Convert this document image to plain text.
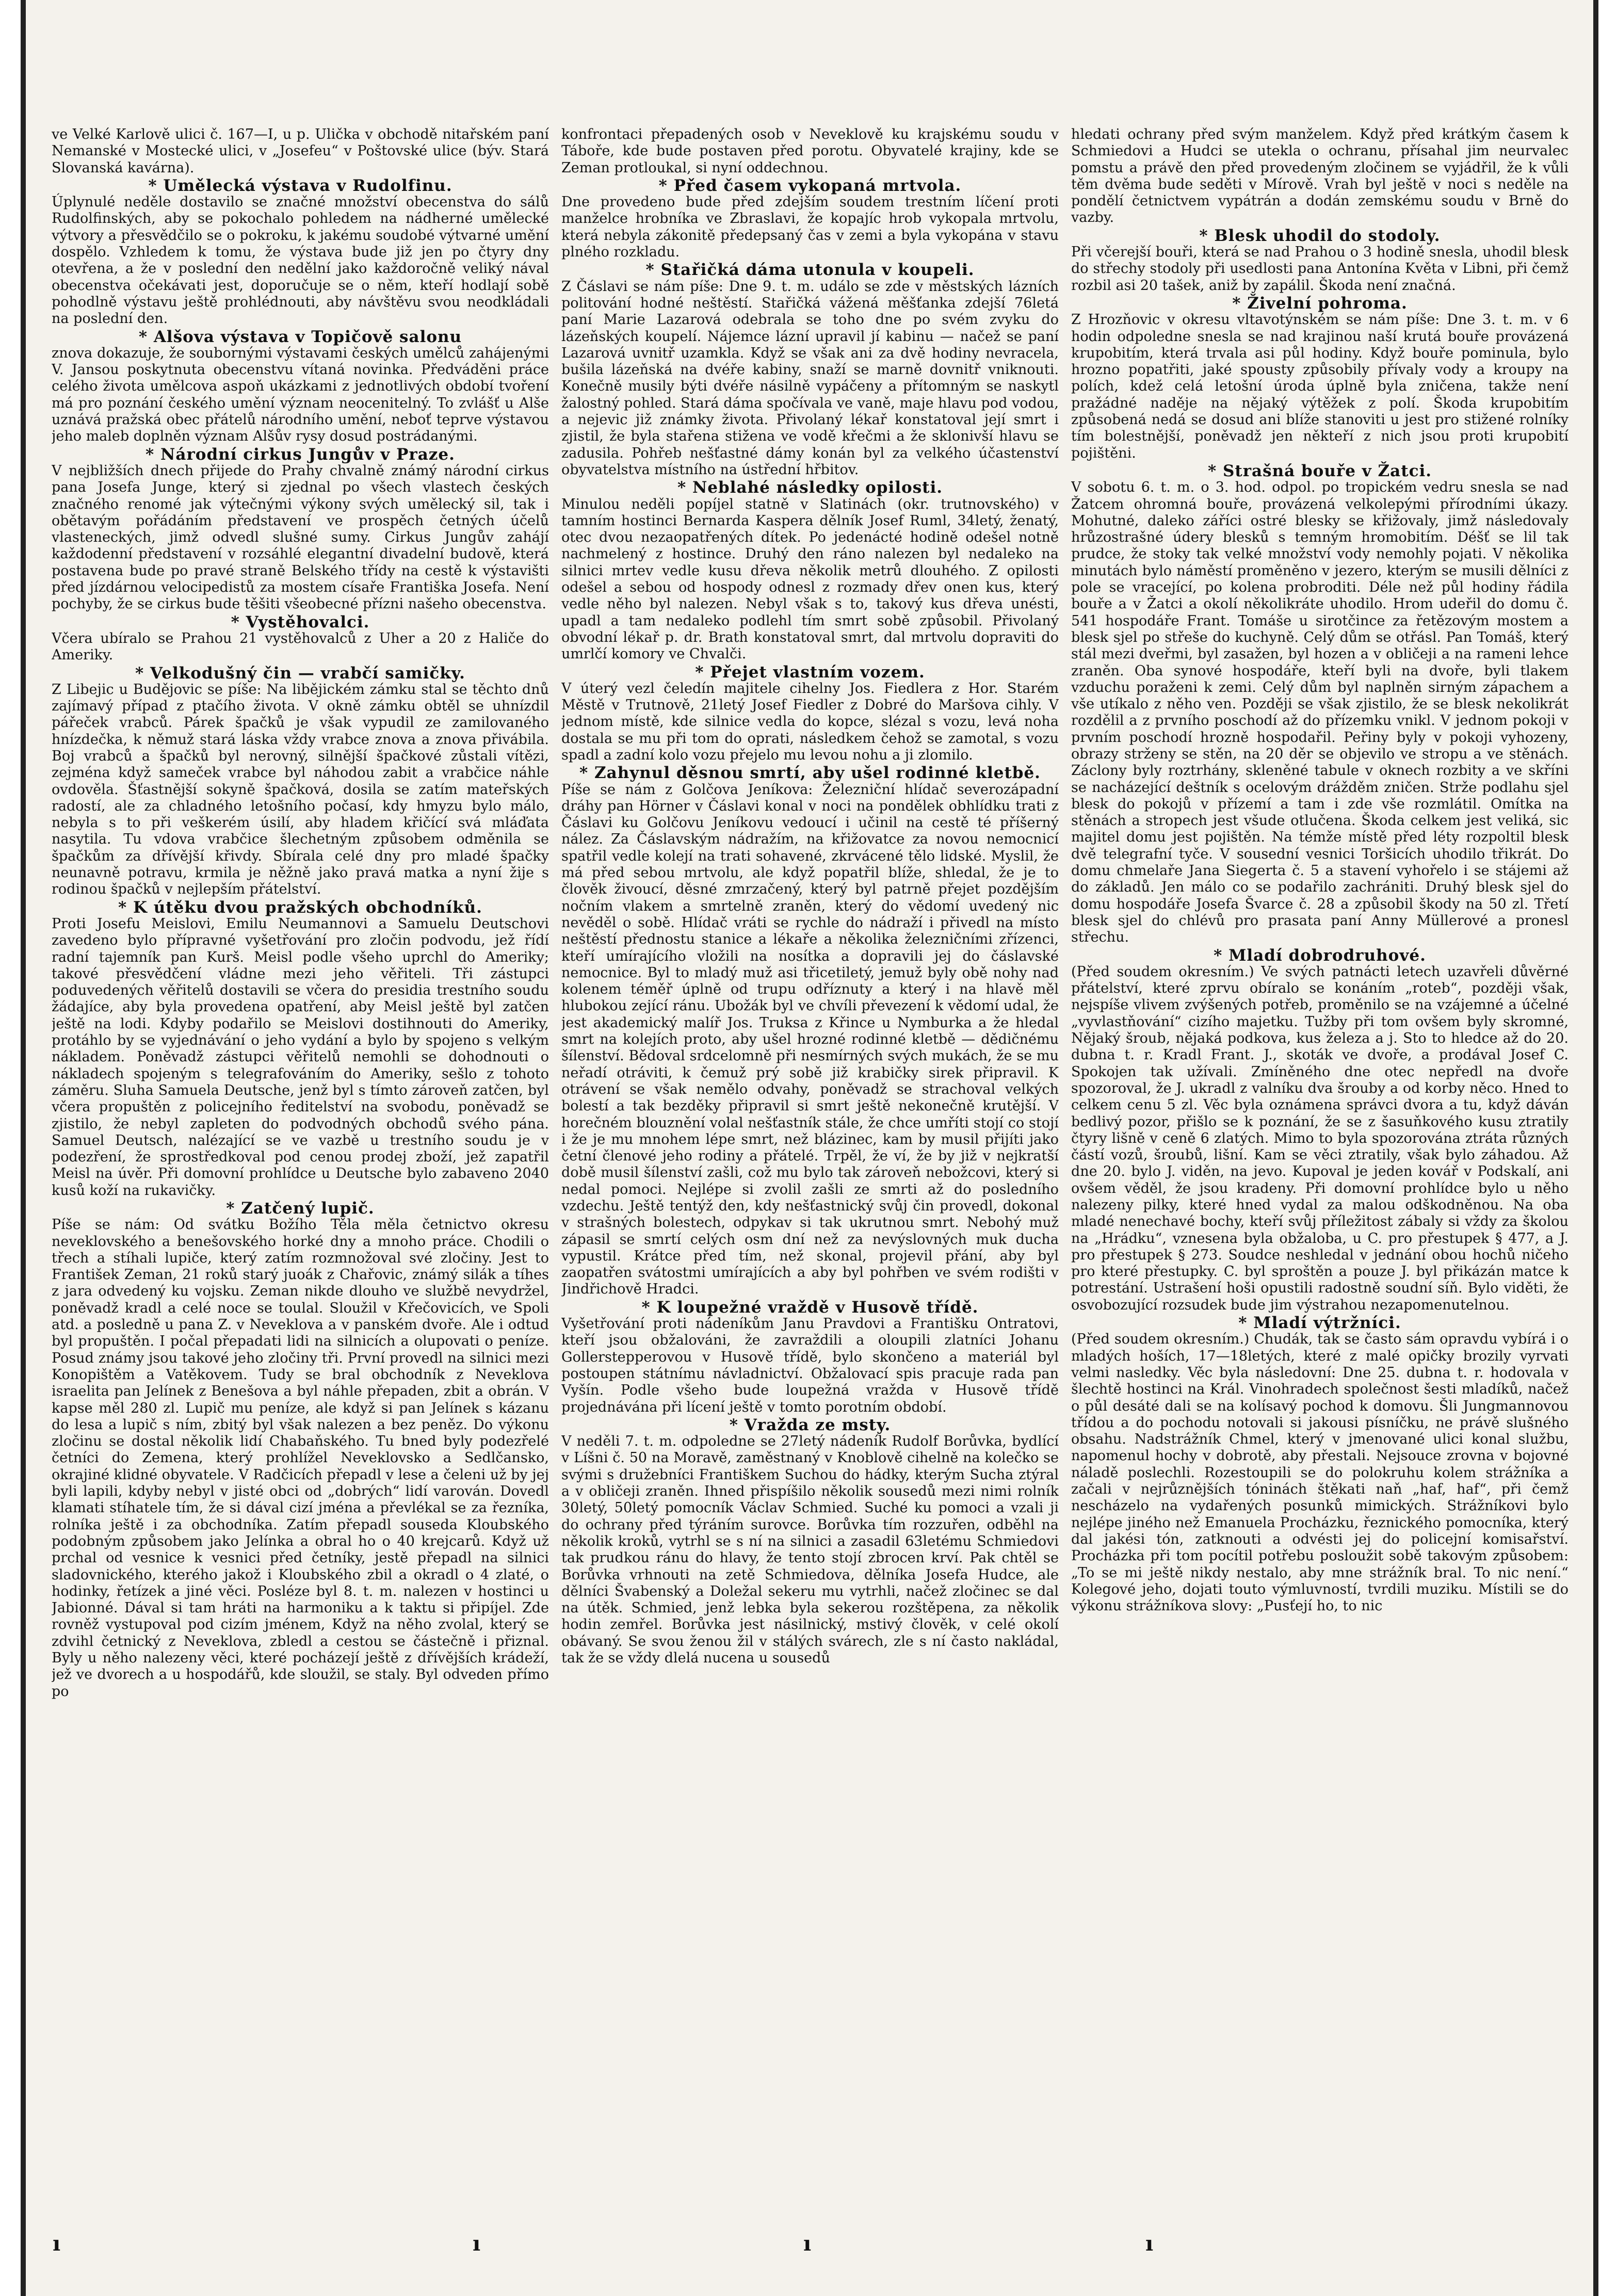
ve Velké Karlově ulici č. 167—I, u p. Ulička v obchodě nitařském paní Nemanské v Mostecké ulici, v „Josefeu“ v Poštovské ulice (býv. Stará Slovanská kavárna).

* Umělecká výstava v Rudolfinu.
Úplynulé neděle dostavilo se značné množství obecenstva do sálů Rudolfinských, aby se pokochalo pohledem na nádherné umělecké výtvory a přesvědčilo se o pokroku, k jakému soudobé výtvarné umění dospělo. Vzhledem k tomu, že výstava bude již jen po čtyry dny otevřena, a že v poslední den nedělní jako každoročně veliký nával obecenstva očekávati jest, doporučuje se o něm, kteří hodlají sobě pohodlně výstavu ještě prohlédnouti, aby návštěvu svou neodkládali na poslední den.

* Alšova výstava v Topičově salonu
znova dokazuje, že soubornými výstavami českých umělců zahájenými V. Jansou poskytnuta obecenstvu vítaná novinka. Předváděni práce celého života umělcova aspoň ukázkami z jednotlivých období tvoření má pro poznání českého umění význam neocenitelný. To zvlášť u Alše uznává pražská obec přátelů národního umění, neboť teprve výstavou jeho maleb doplněn význam Alšův rysy dosud postrádanými.

* Národní cirkus Jungův v Praze.
V nejbližších dnech přijede do Prahy chvalně známý národní cirkus pana Josefa Junge, který si zjednal po všech vlastech českých značného renomé jak výtečnými výkony svých umělecký sil, tak i obětavým pořádáním představení ve prospěch četných účelů vlasteneckých, jimž odvedl slušné sumy. Cirkus Jungův zahájí každodenní představení v rozsáhlé elegantní divadelní budově, která postavena bude po pravé straně Belského třídy na cestě k výstavišti před jízdárnou velocipedistů za mostem císaře Františka Josefa. Není pochyby, že se cirkus bude těšiti všeobecné přízni našeho obecenstva.

* Vystěhovalci.
Včera ubíralo se Prahou 21 vystěhovalců z Uher a 20 z Haliče do Ameriky.

* Velkodušný čin — vrabčí samičky.
Z Libejic u Budějovic se píše: Na libějickém zámku stal se těchto dnů zajímavý případ z ptačího života. V okně zámku obtěl se uhnízdil pářeček vrabců. Párek špačků je však vypudil ze zamilovaného hnízdečka, k němuž stará láska vždy vrabce znova a znova přivábila. Boj vrabců a špačků byl nerovný, silnější špačkové zůstali vítězi, zejména když sameček vrabce byl náhodou zabit a vrabčice náhle ovdověla. Šťastnější sokyně špačková, dosila se zatím mateřských radostí, ale za chladného letošního počasí, kdy hmyzu bylo málo, nebyla s to při veškerém úsilí, aby hladem křičící svá mláďata nasytila. Tu vdova vrabčice šlechetným způsobem odměnila se špačkům za dřívější křivdy. Sbírala celé dny pro mladé špačky neunavně potravu, krmila je něžně jako pravá matka a nyní žije s rodinou špačků v nejlepším přátelství.

* K útěku dvou pražských obchodníků.
Proti Josefu Meislovi, Emilu Neumannovi a Samuelu Deutschovi zavedeno bylo přípravné vyšetřování pro zločin podvodu, jež řídí radní tajemník pan Kurš. Meisl podle všeho uprchl do Ameriky; takové přesvědčení vládne mezi jeho věřiteli. Tři zástupci poduvedených věřitelů dostavili se včera do presidia trestního soudu žádajíce, aby byla provedena opatření, aby Meisl ještě byl zatčen ještě na lodi. Kdyby podařilo se Meislovi dostihnouti do Ameriky, protáhlo by se vyjednávání o jeho vydání a bylo by spojeno s velkým nákladem. Poněvadž zástupci věřitelů nemohli se dohodnouti o nákladech spojeným s telegrafováním do Ameriky, sešlo z tohoto záměru. Sluha Samuela Deutsche, jenž byl s tímto zároveň zatčen, byl včera propuštěn z policejního ředitelství na svobodu, poněvadž se zjistilo, že nebyl zapleten do podvodných obchodů svého pána. Samuel Deutsch, nalézající se ve vazbě u trestního soudu je v podezření, že sprostředkoval pod cenou prodej zboží, jež zapatřil Meisl na úvěr. Při domovní prohlídce u Deutsche bylo zabaveno 2040 kusů koží na rukavičky.

* Zatčený lupič.
Píše se nám: Od svátku Božího Těla měla četnictvo okresu neveklovského a benešovského horké dny a mnoho práce. Chodili o třech a stíhali lupiče, který zatím rozmnožoval své zločiny. Jest to František Zeman, 21 roků starý juoák z Chařovic, známý silák a tíhes z jara odvedený ku vojsku. Zeman nikde dlouho ve službě nevydržel, poněvadž kradl a celé noce se toulal. Sloužil v Křečovicích, ve Spoli atd. a posledně u pana Z. v Neveklova a v panském dvoře. Ale i odtud byl propuštěn. I počal přepadati lidi na silnicích a olupovati o peníze. Posud známy jsou takové jeho zločiny tři. První provedl na silnici mezi Konopištěm a Vatěkovem. Tudy se bral obchodník z Neveklova israelita pan Jelínek z Benešova a byl náhle přepaden, zbit a obrán. V kapse měl 280 zl. Lupič mu peníze, ale když si pan Jelínek s kázanu do lesa a lupič s ním, zbitý byl však nalezen a bez peněz. Do výkonu zločinu se dostal několik lidí Chabaňského. Tu bned byly podezřelé četníci do Zemena, který prohlížel Neveklovsko a Sedlčansko, okrajiné klidné obyvatele. V Radčicích přepadl v lese a čeleni už by jej byli lapili, kdyby nebyl v jisté obci od „dobrých“ lidí varován. Dovedl klamati stíhatele tím, že si dával cizí jména a převlékal se za řezníka, rolníka ještě i za obchodníka. Zatím přepadl souseda Kloubského podobným způsobem jako Jelínka a obral ho o 40 krejcarů. Když už prchal od vesnice k vesnici před četníky, jestě přepadl na silnici sladovnického, kterého jakož i Kloubského zbil a okradl o 4 zlaté, o hodinky, řetízek a jiné věci. Posléze byl 8. t. m. nalezen v hostinci u Jabionné. Dával si tam hráti na harmoniku a k taktu si připíjel. Zde rovněž vystupoval pod cizím jménem, Když na něho zvolal, který se zdvihl četnický z Neveklova, zbledl a cestou se částečně i přiznal. Byly u něho nalezeny věci, které pocházejí ještě z dřívějších krádeží, jež ve dvorech a u hospodářů, kde sloužil, se staly. Byl odveden přímo po

konfrontaci přepadených osob v Neveklově ku krajskému soudu v Táboře, kde bude postaven před porotu. Obyvatelé krajiny, kde se Zeman protloukal, si nyní oddechnou.

* Před časem vykopaná mrtvola.
Dne provedeno bude před zdejším soudem trestním líčení proti manželce hrobníka ve Zbraslavi, že kopajíc hrob vykopala mrtvolu, která nebyla zákonitě předepsaný čas v zemi a byla vykopána v stavu plného rozkladu.

* Stařičká dáma utonula v koupeli.
Z Čáslavi se nám píše: Dne 9. t. m. událo se zde v městských lázních politování hodné neštěstí. Stařičká vážená měšťanka zdejší 76letá paní Marie Lazarová odebrala se toho dne po svém zvyku do lázeňských koupelí. Nájemce lázní upravil jí kabinu — načež se paní Lazarová uvnitř uzamkla. Když se však ani za dvě hodiny nevracela, bušila lázeňská na dvéře kabiny, snaží se marně dovnitř vniknouti. Konečně musily býti dvéře násilně vypáčeny a přítomným se naskytl žalostný pohled. Stará dáma spočívala ve vaně, maje hlavu pod vodou, a nejevic již známky života. Přivolaný lékař konstatoval její smrt i zjistil, že byla stařena stižena ve vodě křečmi a že sklonivší hlavu se zadusila. Pohřeb nešťastné dámy konán byl za velkého účastenství obyvatelstva místního na ústřední hřbitov.

* Neblahé následky opilosti.
Minulou neděli popíjel statně v Slatinách (okr. trutnovského) v tamním hostinci Bernarda Kaspera dělník Josef Ruml, 34letý, ženatý, otec dvou nezaopatřených dítek. Po jedenácté hodině odešel notně nachmelený z hostince. Druhý den ráno nalezen byl nedaleko na silnici mrtev vedle kusu dřeva několik metrů dlouhého. Z opilosti odešel a sebou od hospody odnesl z rozmady dřev onen kus, který vedle něho byl nalezen. Nebyl však s to, takový kus dřeva unésti, upadl a tam nedaleko podlehl tím smrt sobě způsobil. Přivolaný obvodní lékař p. dr. Brath konstatoval smrt, dal mrtvolu dopraviti do umrlčí komory ve Chvalči.

* Přejet vlastním vozem.
V úterý vezl čeledín majitele cihelny Jos. Fiedlera z Hor. Starém Městě v Trutnově, 21letý Josef Fiedler z Dobré do Maršova cihly. V jednom místě, kde silnice vedla do kopce, slézal s vozu, levá noha dostala se mu při tom do oprati, následkem čehož se zamotal, s vozu spadl a zadní kolo vozu přejelo mu levou nohu a ji zlomilo.

* Zahynul děsnou smrtí, aby ušel rodinné kletbě.
Píše se nám z Golčova Jeníkova: Železniční hlídač severozápadní dráhy pan Hörner v Čáslavi konal v noci na pondělek obhlídku trati z Čáslavi ku Golčovu Jeníkovu vedoucí i učinil na cestě té příšerný nález. Za Čáslavským nádražím, na křižovatce za novou nemocnicí spatřil vedle kolejí na trati sohavené, zkrvácené tělo lidské. Myslil, že má před sebou mrtvolu, ale když popatřil blíže, shledal, že je to člověk živoucí, děsné zmrzačený, který byl patrně přejet pozdějším nočním vlakem a smrtelně zraněn, který do vědomí uvedený nic nevěděl o sobě. Hlídač vráti se rychle do nádraží i přivedl na místo neštěstí přednostu stanice a lékaře a několika železničními zřízenci, kteří umírajícího vložili na nosítka a dopravili jej do čáslavské nemocnice. Byl to mladý muž asi třicetiletý, jemuž byly obě nohy nad kolenem téměř úplně od trupu odříznuty a který i na hlavě měl hlubokou zející ránu. Ubožák byl ve chvíli převezení k vědomí udal, že jest akademický malíř Jos. Truksa z Křince u Nymburka a že hledal smrt na kolejích proto, aby ušel hrozné rodinné kletbě — dědičnému šílenství. Bědoval srdcelomně při nesmírných svých mukách, že se mu neřadí otráviti, k čemuž prý sobě již krabičky sirek připravil. K otrávení se však nemělo odvahy, poněvadž se strachoval velkých bolestí a tak bezděky připravil si smrt ještě nekonečně krutější. V horečném blouznění volal nešťastník stále, že chce umříti stojí co stojí i že je mu mnohem lépe smrt, než blázinec, kam by musil přijíti jako četní členové jeho rodiny a přátelé. Trpěl, že ví, že by již v nejkratší době musil šílenství zašli, což mu bylo tak zároveň nebožcovi, který si nedal pomoci. Nejlépe si zvolil zašli ze smrti až do posledního vzdechu. Ještě tentýž den, kdy nešťastnický svůj čin provedl, dokonal v strašných bolestech, odpykav si tak ukrutnou smrt. Nebohý muž zápasil se smrtí celých osm dní než za nevýslovných muk ducha vypustil. Krátce před tím, než skonal, projevil přání, aby byl zaopatřen svátostmi umírajících a aby byl pohřben ve svém rodišti v Jindřichově Hradci.

* K loupežné vraždě v Husově třídě.
Vyšetřování proti nádeníkům Janu Pravdovi a Františku Ontratovi, kteří jsou obžalováni, že zavraždili a oloupili zlatníci Johanu Gollerstepperovou v Husově třídě, bylo skončeno a materiál byl postoupen státnímu návladnictví. Obžalovací spis pracuje rada pan Vyšín. Podle všeho bude loupežná vražda v Husově třídě projednávána při lícení ještě v tomto porotním období.

* Vražda ze msty.
V neděli 7. t. m. odpoledne se 27letý nádeník Rudolf Borůvka, bydlící v Líšni č. 50 na Moravě, zaměstnaný v Knoblově cihelně na kolečko se svými s družebníci Františkem Suchou do hádky, kterým Sucha ztýral a v obličeji zraněn. Ihned přispíšilo několik sousedů mezi nimi rolník 30letý, 50letý pomocník Václav Schmied. Suché ku pomoci a vzali ji do ochrany před týráním surovce. Borůvka tím rozzuřen, odběhl na několik kroků, vytrhl se s ní na silnici a zasadil 63letému Schmiedovi tak prudkou ránu do hlavy, že tento stojí zbrocen krví. Pak chtěl se Borůvka vrhnouti na zetě Schmiedova, dělníka Josefa Hudce, ale dělníci Švabenský a Doležal sekeru mu vytrhli, načež zločinec se dal na útěk. Schmied, jenž lebka byla sekerou rozštěpena, za několik hodin zemřel. Borůvka jest násilnický, mstivý člověk, v celé okolí obávaný. Se svou ženou žil v stálých svárech, zle s ní často nakládal, tak že se vždy dlelá nucena u sousedů

hledati ochrany před svým manželem. Když před krátkým časem k Schmiedovi a Hudci se utekla o ochranu, přísahal jim neurvalec pomstu a právě den před provedeným zločinem se vyjádřil, že k vůli těm dvěma bude seděti v Mírově. Vrah byl ještě v noci s neděle na pondělí četnictvem vypátrán a dodán zemskému soudu v Brně do vazby.

* Blesk uhodil do stodoly.
Při včerejší bouři, která se nad Prahou o 3 hodině snesla, uhodil blesk do střechy stodoly při usedlosti pana Antonína Květa v Libni, při čemž rozbil asi 20 tašek, aniž by zapálil. Škoda není značná.

* Živelní pohroma.
Z Hrozňovic v okresu vltavotýnském se nám píše: Dne 3. t. m. v 6 hodin odpoledne snesla se nad krajinou naší krutá bouře provázená krupobitím, která trvala asi půl hodiny. Když bouře pominula, bylo hrozno popatřiti, jaké spousty způsobily přívaly vody a kroupy na polích, kdež celá letošní úroda úplně byla zničena, takže není pražádné naděje na nějaký výtěžek z polí. Škoda krupobitím způsobená nedá se dosud ani blíže stanoviti u jest pro stižené rolníky tím bolestnější, poněvadž jen někteří z nich jsou proti krupobití pojištěni.

* Strašná bouře v Žatci.
V sobotu 6. t. m. o 3. hod. odpol. po tropickém vedru snesla se nad Žatcem ohromná bouře, provázená velkolepými přírodními úkazy. Mohutné, daleko záříci ostré blesky se křižovaly, jimž následovaly hrůzostrašné údery blesků s temným hromobitím. Déšť se lil tak prudce, že stoky tak velké množství vody nemohly pojati. V několika minutách bylo náměstí proměněno v jezero, kterým se musili dělníci z pole se vracející, po kolena probroditi. Déle než půl hodiny řádila bouře a v Žatci a okolí několikráte uhodilo. Hrom udeřil do domu č. 541 hospodáře Frant. Tomáše u sirotčince za řetězovým mostem a blesk sjel po střeše do kuchyně. Celý dům se otřásl. Pan Tomáš, který stál mezi dveřmi, byl zasažen, byl hozen a v obličeji a na rameni lehce zraněn. Oba synové hospodáře, kteří byli na dvoře, byli tlakem vzduchu poraženi k zemi. Celý dům byl naplněn sirným zápachem a vše utíkalo z něho ven. Později se však zjistilo, že se blesk nekolikrát rozdělil a z prvního poschodí až do přízemku vnikl. V jednom pokoji v prvním poschodí hrozně hospodařil. Peřiny byly v pokoji vyhozeny, obrazy strženy se stěn, na 20 děr se objevilo ve stropu a ve stěnách. Záclony byly roztrhány, skleněné tabule v oknech rozbity a ve skříni se nacházející deštník s ocelovým drážděm zničen. Strže podlahu sjel blesk do pokojů v přízemí a tam i zde vše rozmlátil. Omítka na stěnách a stropech jest všude otlučena. Škoda celkem jest veliká, sic majitel domu jest pojištěn. Na témže místě před léty rozpoltil blesk dvě telegrafní tyče. V sousední vesnici Toršicích uhodilo třikrát. Do domu chmelaře Jana Siegerta č. 5 a stavení vyhořelo i se stájemi až do základů. Jen málo co se podařilo zachrániti. Druhý blesk sjel do domu hospodáře Josefa Švarce č. 28 a způsobil škody na 50 zl. Třetí blesk sjel do chlévů pro prasata paní Anny Müllerové a pronesl střechu.

* Mladí dobrodruhové.
(Před soudem okresním.) Ve svých patnácti letech uzavřeli důvěrné přátelství, které zprvu obíralo se konáním „roteb“, později však, nejspíše vlivem zvýšených potřeb, proměnilo se na vzájemné a účelné „vyvlastňování“ cizího majetku. Tužby při tom ovšem byly skromné, Nějaký šroub, nějaká podkova, kus železa a j. Sto to hledce až do 20. dubna t. r. Kradl Frant. J., skoták ve dvoře, a prodával Josef C. Spokojen tak užívali. Zmíněného dne otec nepředl na dvoře spozoroval, že J. ukradl z valníku dva šrouby a od korby něco. Hned to celkem cenu 5 zl. Věc byla oznámena správci dvora a tu, když dáván bedlivý pozor, přišlo se k poznání, že se z šasuňkového kusu ztratily čtyry lišně v ceně 6 zlatých. Mimo to byla spozorována ztráta různých částí vozů, šroubů, lišní. Kam se věci ztratily, však bylo záhadou. Až dne 20. bylo J. viděn, na jevo. Kupoval je jeden kovář v Podskalí, ani ovšem věděl, že jsou kradeny. Při domovní prohlídce bylo u něho nalezeny pilky, které hned vydal za malou odškodněnou. Na oba mladé nenechavé bochy, kteří svůj příležitost zábaly si vždy za školou na „Hrádku“, vznesena byla obžaloba, u C. pro přestupek § 477, a J. pro přestupek § 273. Soudce neshledal v jednání obou hochů ničeho pro které přestupky. C. byl sproštěn a pouze J. byl přikázán matce k potrestání. Ustrašení hoši opustili radostně soudní síň. Bylo viděti, že osvobozující rozsudek bude jim výstrahou nezapomenutelnou.

* Mladí výtržníci.
(Před soudem okresním.) Chudák, tak se často sám opravdu vybírá i o mladých hoších, 17—18letých, které z malé opičky brozily vyrvati velmi nasledky. Věc byla následovní: Dne 25. dubna t. r. hodovala v šlechtě hostinci na Král. Vinohradech společnost šesti mladíků, načež o půl desáté dali se na kolísavý pochod k domovu. Šli Jungmannovou třídou a do pochodu notovali si jakousi písníčku, ne právě slušného obsahu. Nadstrážník Chmel, který v jmenované ulici konal službu, napomenul hochy v dobrotě, aby přestali. Nejsouce zrovna v bojovné náladě poslechli. Rozestoupili se do polokruhu kolem strážníka a začali v nejrůznějších tóninách štěkati naň „haf, haf“, při čemž nescházelo na vydařených posunků mimických. Strážníkovi bylo nejlépe jiného než Emanuela Procházku, řeznického pomocníka, který dal jakési tón, zatknouti a odvésti jej do policejní komisařství. Procházka při tom pocítil potřebu posloužit sobě takovým způsobem: „To se mi ještě nikdy nestalo, aby mne strážník bral. To nic není.“ Kolegové jeho, dojati touto výmluvností, tvrdili muziku. Místili se do výkonu strážníkova slovy: „Pusťejí ho, to nic

ı	ı	ı	ı
